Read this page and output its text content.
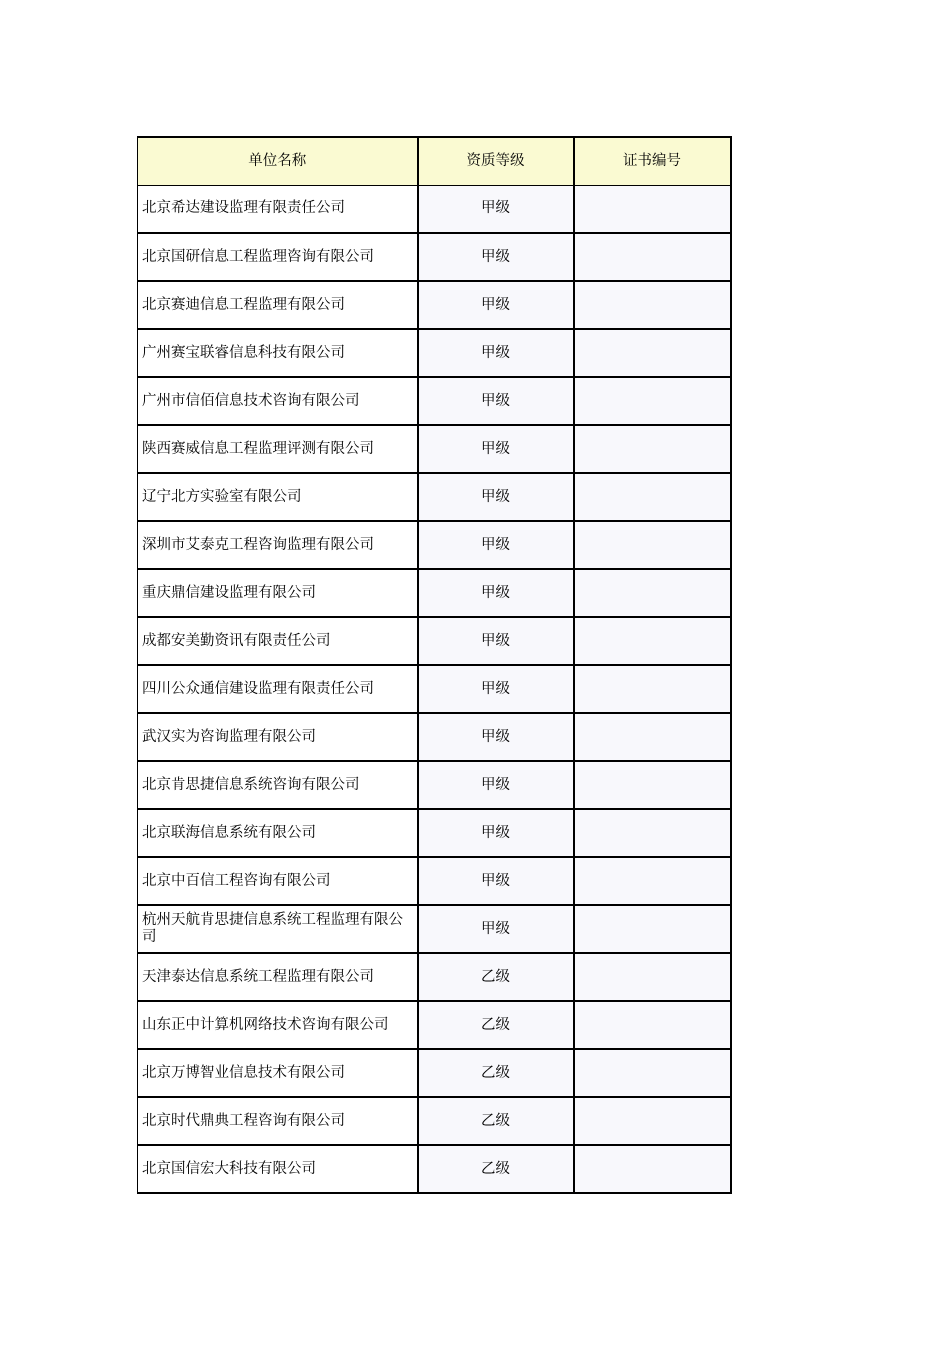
单位名称	资质等级	证书编号
北京希达建设监理有限责任公司	甲级	
北京国研信息工程监理咨询有限公司	甲级	
北京赛迪信息工程监理有限公司	甲级	
广州赛宝联睿信息科技有限公司	甲级	
广州市信佰信息技术咨询有限公司	甲级	
陕西赛威信息工程监理评测有限公司	甲级	
辽宁北方实验室有限公司	甲级	
深圳市艾泰克工程咨询监理有限公司	甲级	
重庆鼎信建设监理有限公司	甲级	
成都安美勤资讯有限责任公司	甲级	
四川公众通信建设监理有限责任公司	甲级	
武汉实为咨询监理有限公司	甲级	
北京肯思捷信息系统咨询有限公司	甲级	
北京联海信息系统有限公司	甲级	
北京中百信工程咨询有限公司	甲级	
杭州天航肯思捷信息系统工程监理有限公司	甲级	
天津泰达信息系统工程监理有限公司	乙级	
山东正中计算机网络技术咨询有限公司	乙级	
北京万博智业信息技术有限公司	乙级	
北京时代鼎典工程咨询有限公司	乙级	
北京国信宏大科技有限公司	乙级	
